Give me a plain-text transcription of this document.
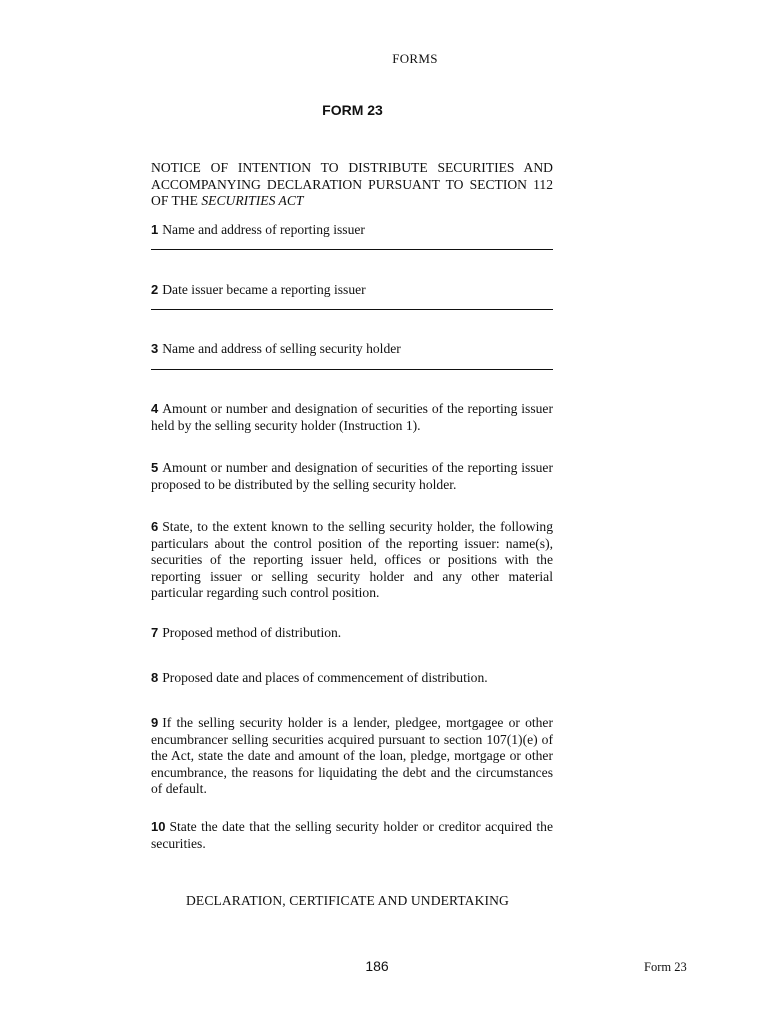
FORMS
FORM 23
NOTICE OF INTENTION TO DISTRIBUTE SECURITIES AND ACCOMPANYING DECLARATION PURSUANT TO SECTION 112 OF THE SECURITIES ACT
1 Name and address of reporting issuer
2 Date issuer became a reporting issuer
3 Name and address of selling security holder
4 Amount or number and designation of securities of the reporting issuer held by the selling security holder (Instruction 1).
5 Amount or number and designation of securities of the reporting issuer proposed to be distributed by the selling security holder.
6 State, to the extent known to the selling security holder, the following particulars about the control position of the reporting issuer: name(s), securities of the reporting issuer held, offices or positions with the reporting issuer or selling security holder and any other material particular regarding such control position.
7 Proposed method of distribution.
8 Proposed date and places of commencement of distribution.
9 If the selling security holder is a lender, pledgee, mortgagee or other encumbrancer selling securities acquired pursuant to section 107(1)(e) of the Act, state the date and amount of the loan, pledge, mortgage or other encumbrance, the reasons for liquidating the debt and the circumstances of default.
10 State the date that the selling security holder or creditor acquired the securities.
DECLARATION, CERTIFICATE AND UNDERTAKING
186	Form 23
